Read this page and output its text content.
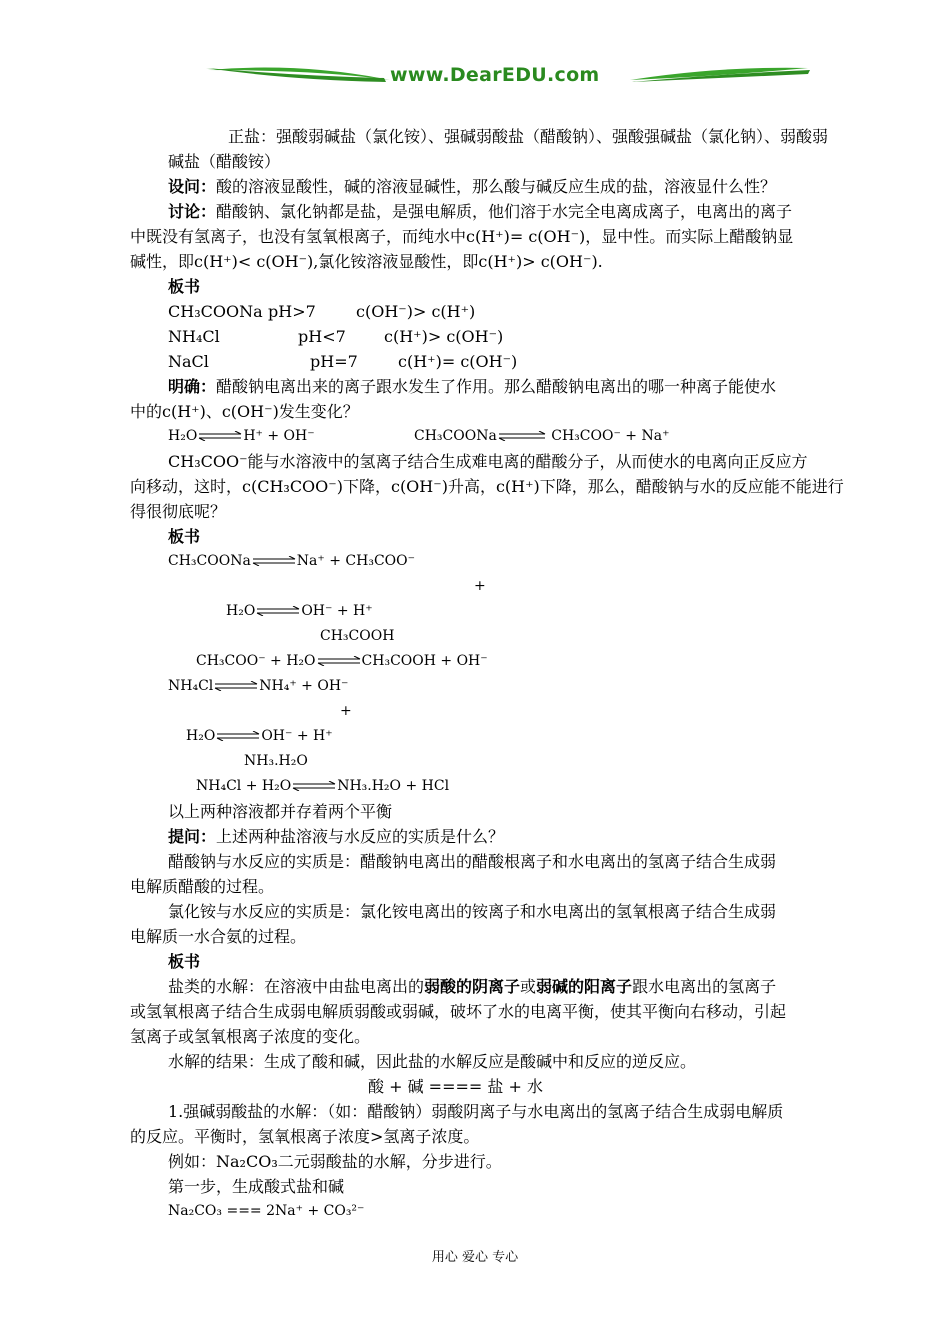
www.DearEDU.com
正盐：强酸弱碱盐（氯化铵）、强碱弱酸盐（醋酸钠）、强酸强碱盐（氯化钠）、弱酸弱
碱盐（醋酸铵）
设问：酸的溶液显酸性，碱的溶液显碱性，那么酸与碱反应生成的盐，溶液显什么性？
讨论：醋酸钠、氯化钠都是盐，是强电解质，他们溶于水完全电离成离子，电离出的离子
中既没有氢离子，也没有氢氧根离子，而纯水中c(H⁺)= c(OH⁻)，显中性。而实际上醋酸钠显
碱性，即c(H⁺)< c(OH⁻),氯化铵溶液显酸性，即c(H⁺)> c(OH⁻).
板书
CH₃COONa pH>7	c(OH⁻)> c(H⁺)
NH₄Cl	pH<7 c(H⁺)> c(OH⁻)
NaCl	pH=7	c(H⁺)= c(OH⁻)
明确：醋酸钠电离出来的离子跟水发生了作用。那么醋酸钠电离出的哪一种离子能使水
中的c(H⁺)、c(OH⁻)发生变化？
H₂O⇌H⁺ + OH⁻	CH₃COONa⇌ CH₃COO⁻ + Na⁺
CH₃COO⁻能与水溶液中的氢离子结合生成难电离的醋酸分子，从而使水的电离向正反应方
向移动，这时，c(CH₃COO⁻)下降，c(OH⁻)升高，c(H⁺)下降，那么，醋酸钠与水的反应能不能进行
得很彻底呢？
板书
CH₃COONa⇌Na⁺ + CH₃COO⁻
+
H₂O⇌OH⁻ + H⁺
CH₃COOH
CH₃COO⁻ + H₂O⇌CH₃COOH + OH⁻
NH₄Cl⇌NH₄⁺ + OH⁻
+
H₂O⇌OH⁻ + H⁺
NH₃.H₂O
NH₄Cl + H₂O⇌NH₃.H₂O + HCl
以上两种溶液都并存着两个平衡
提问：上述两种盐溶液与水反应的实质是什么？
醋酸钠与水反应的实质是：醋酸钠电离出的醋酸根离子和水电离出的氢离子结合生成弱
电解质醋酸的过程。
氯化铵与水反应的实质是：氯化铵电离出的铵离子和水电离出的氢氧根离子结合生成弱
电解质一水合氨的过程。
板书
盐类的水解：在溶液中由盐电离出的弱酸的阴离子或弱碱的阳离子跟水电离出的氢离子
或氢氧根离子结合生成弱电解质弱酸或弱碱，破坏了水的电离平衡，使其平衡向右移动，引起
氢离子或氢氧根离子浓度的变化。
水解的结果：生成了酸和碱，因此盐的水解反应是酸碱中和反应的逆反应。
酸 + 碱 ==== 盐 + 水
1.强碱弱酸盐的水解：（如：醋酸钠）弱酸阴离子与水电离出的氢离子结合生成弱电解质
的反应。平衡时，氢氧根离子浓度>氢离子浓度。
例如：Na₂CO₃二元弱酸盐的水解，分步进行。
第一步，生成酸式盐和碱
Na₂CO₃ === 2Na⁺ + CO₃²⁻
用心 爱心 专心
